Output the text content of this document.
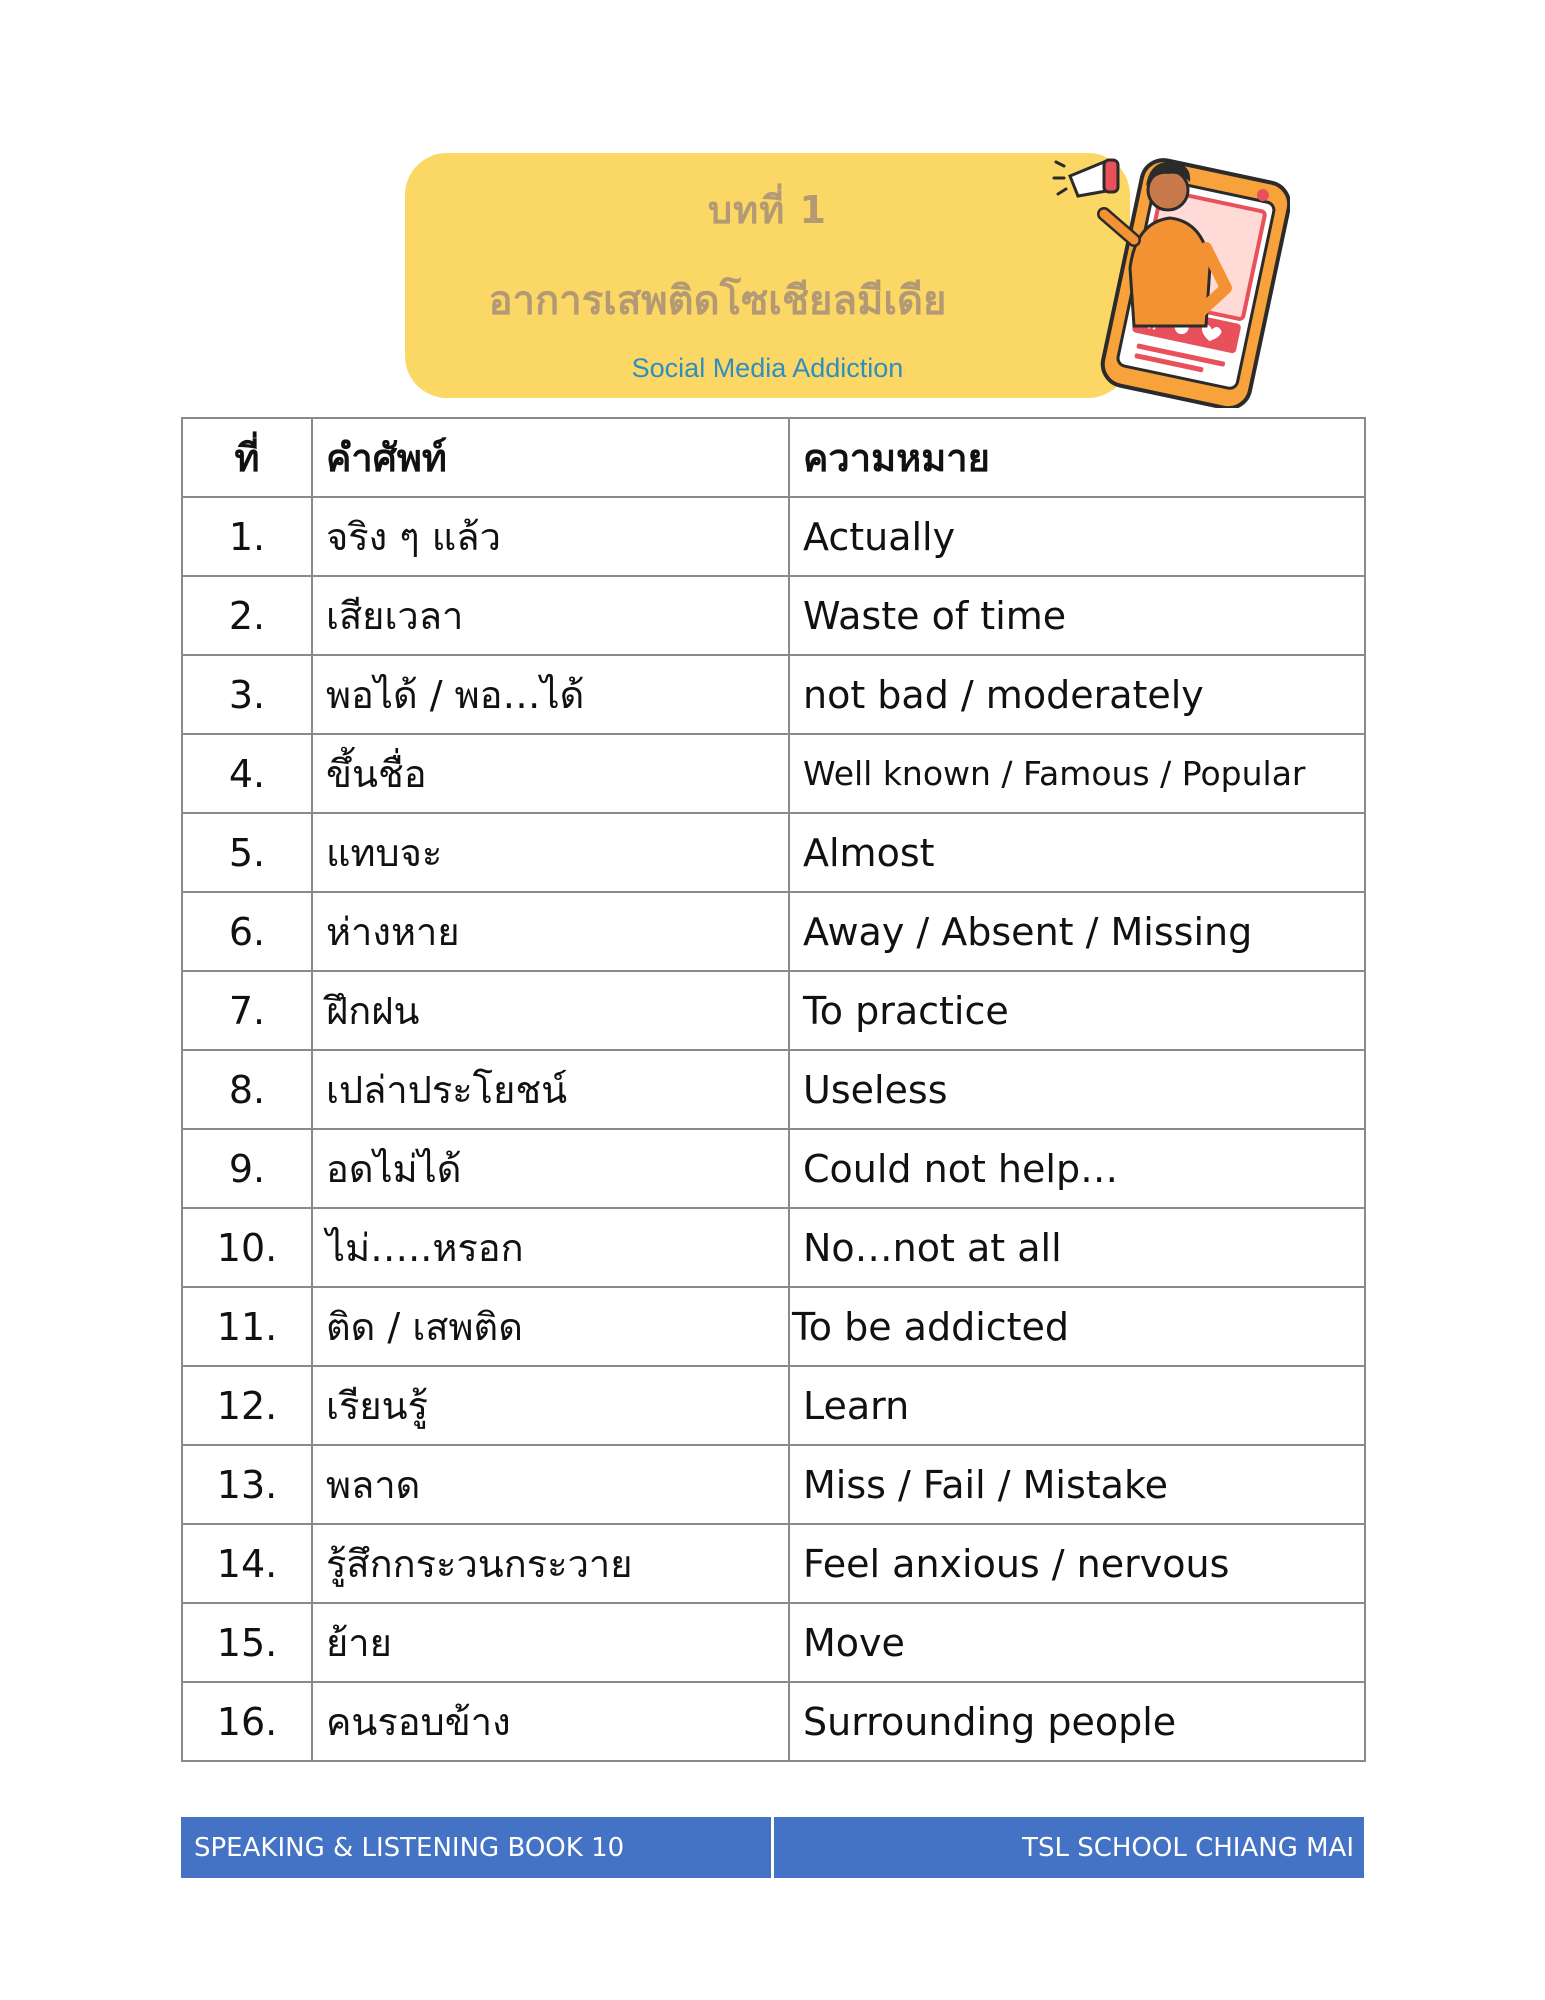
บทที่ 1
อาการเสพติดโซเชียลมีเดีย
Social Media Addiction
ที่	คำศัพท์	ความหมาย
1.	จริง ๆ แล้ว	Actually
2.	เสียเวลา	Waste of time
3.	พอได้ / พอ…ได้	not bad / moderately
4.	ขึ้นชื่อ	Well known / Famous / Popular
5.	แทบจะ	Almost
6.	ห่างหาย	Away / Absent / Missing
7.	ฝึกฝน	To practice
8.	เปล่าประโยชน์	Useless
9.	อดไม่ได้	Could not help…
10.	ไม่…..หรอก	No…not at all
11.	ติด / เสพติด	To be addicted
12.	เรียนรู้	Learn
13.	พลาด	Miss / Fail / Mistake
14.	รู้สึกกระวนกระวาย	Feel anxious / nervous
15.	ย้าย	Move
16.	คนรอบข้าง	Surrounding people
SPEAKING & LISTENING BOOK 10	TSL SCHOOL CHIANG MAI
